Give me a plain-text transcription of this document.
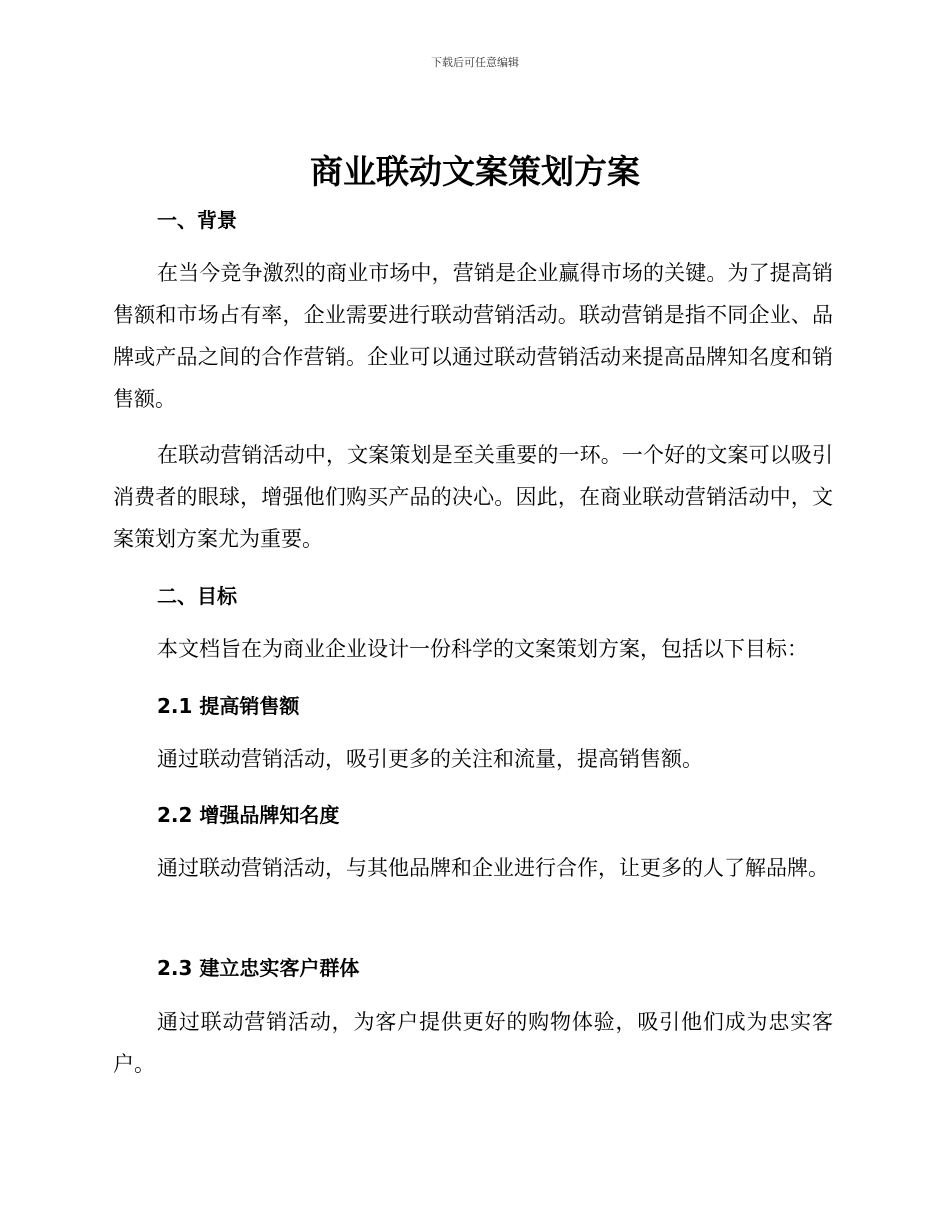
下载后可任意编辑
商业联动文案策划方案
一、背景

在当今竞争激烈的商业市场中，营销是企业赢得市场的关键。为了提高销售额和市场占有率，企业需要进行联动营销活动。联动营销是指不同企业、品牌或产品之间的合作营销。企业可以通过联动营销活动来提高品牌知名度和销售额。

在联动营销活动中，文案策划是至关重要的一环。一个好的文案可以吸引消费者的眼球，增强他们购买产品的决心。因此，在商业联动营销活动中，文案策划方案尤为重要。

二、目标

本文档旨在为商业企业设计一份科学的文案策划方案，包括以下目标：

2.1 提高销售额

通过联动营销活动，吸引更多的关注和流量，提高销售额。

2.2 增强品牌知名度

通过联动营销活动，与其他品牌和企业进行合作，让更多的人了解品牌。

2.3 建立忠实客户群体

通过联动营销活动，为客户提供更好的购物体验，吸引他们成为忠实客户。
